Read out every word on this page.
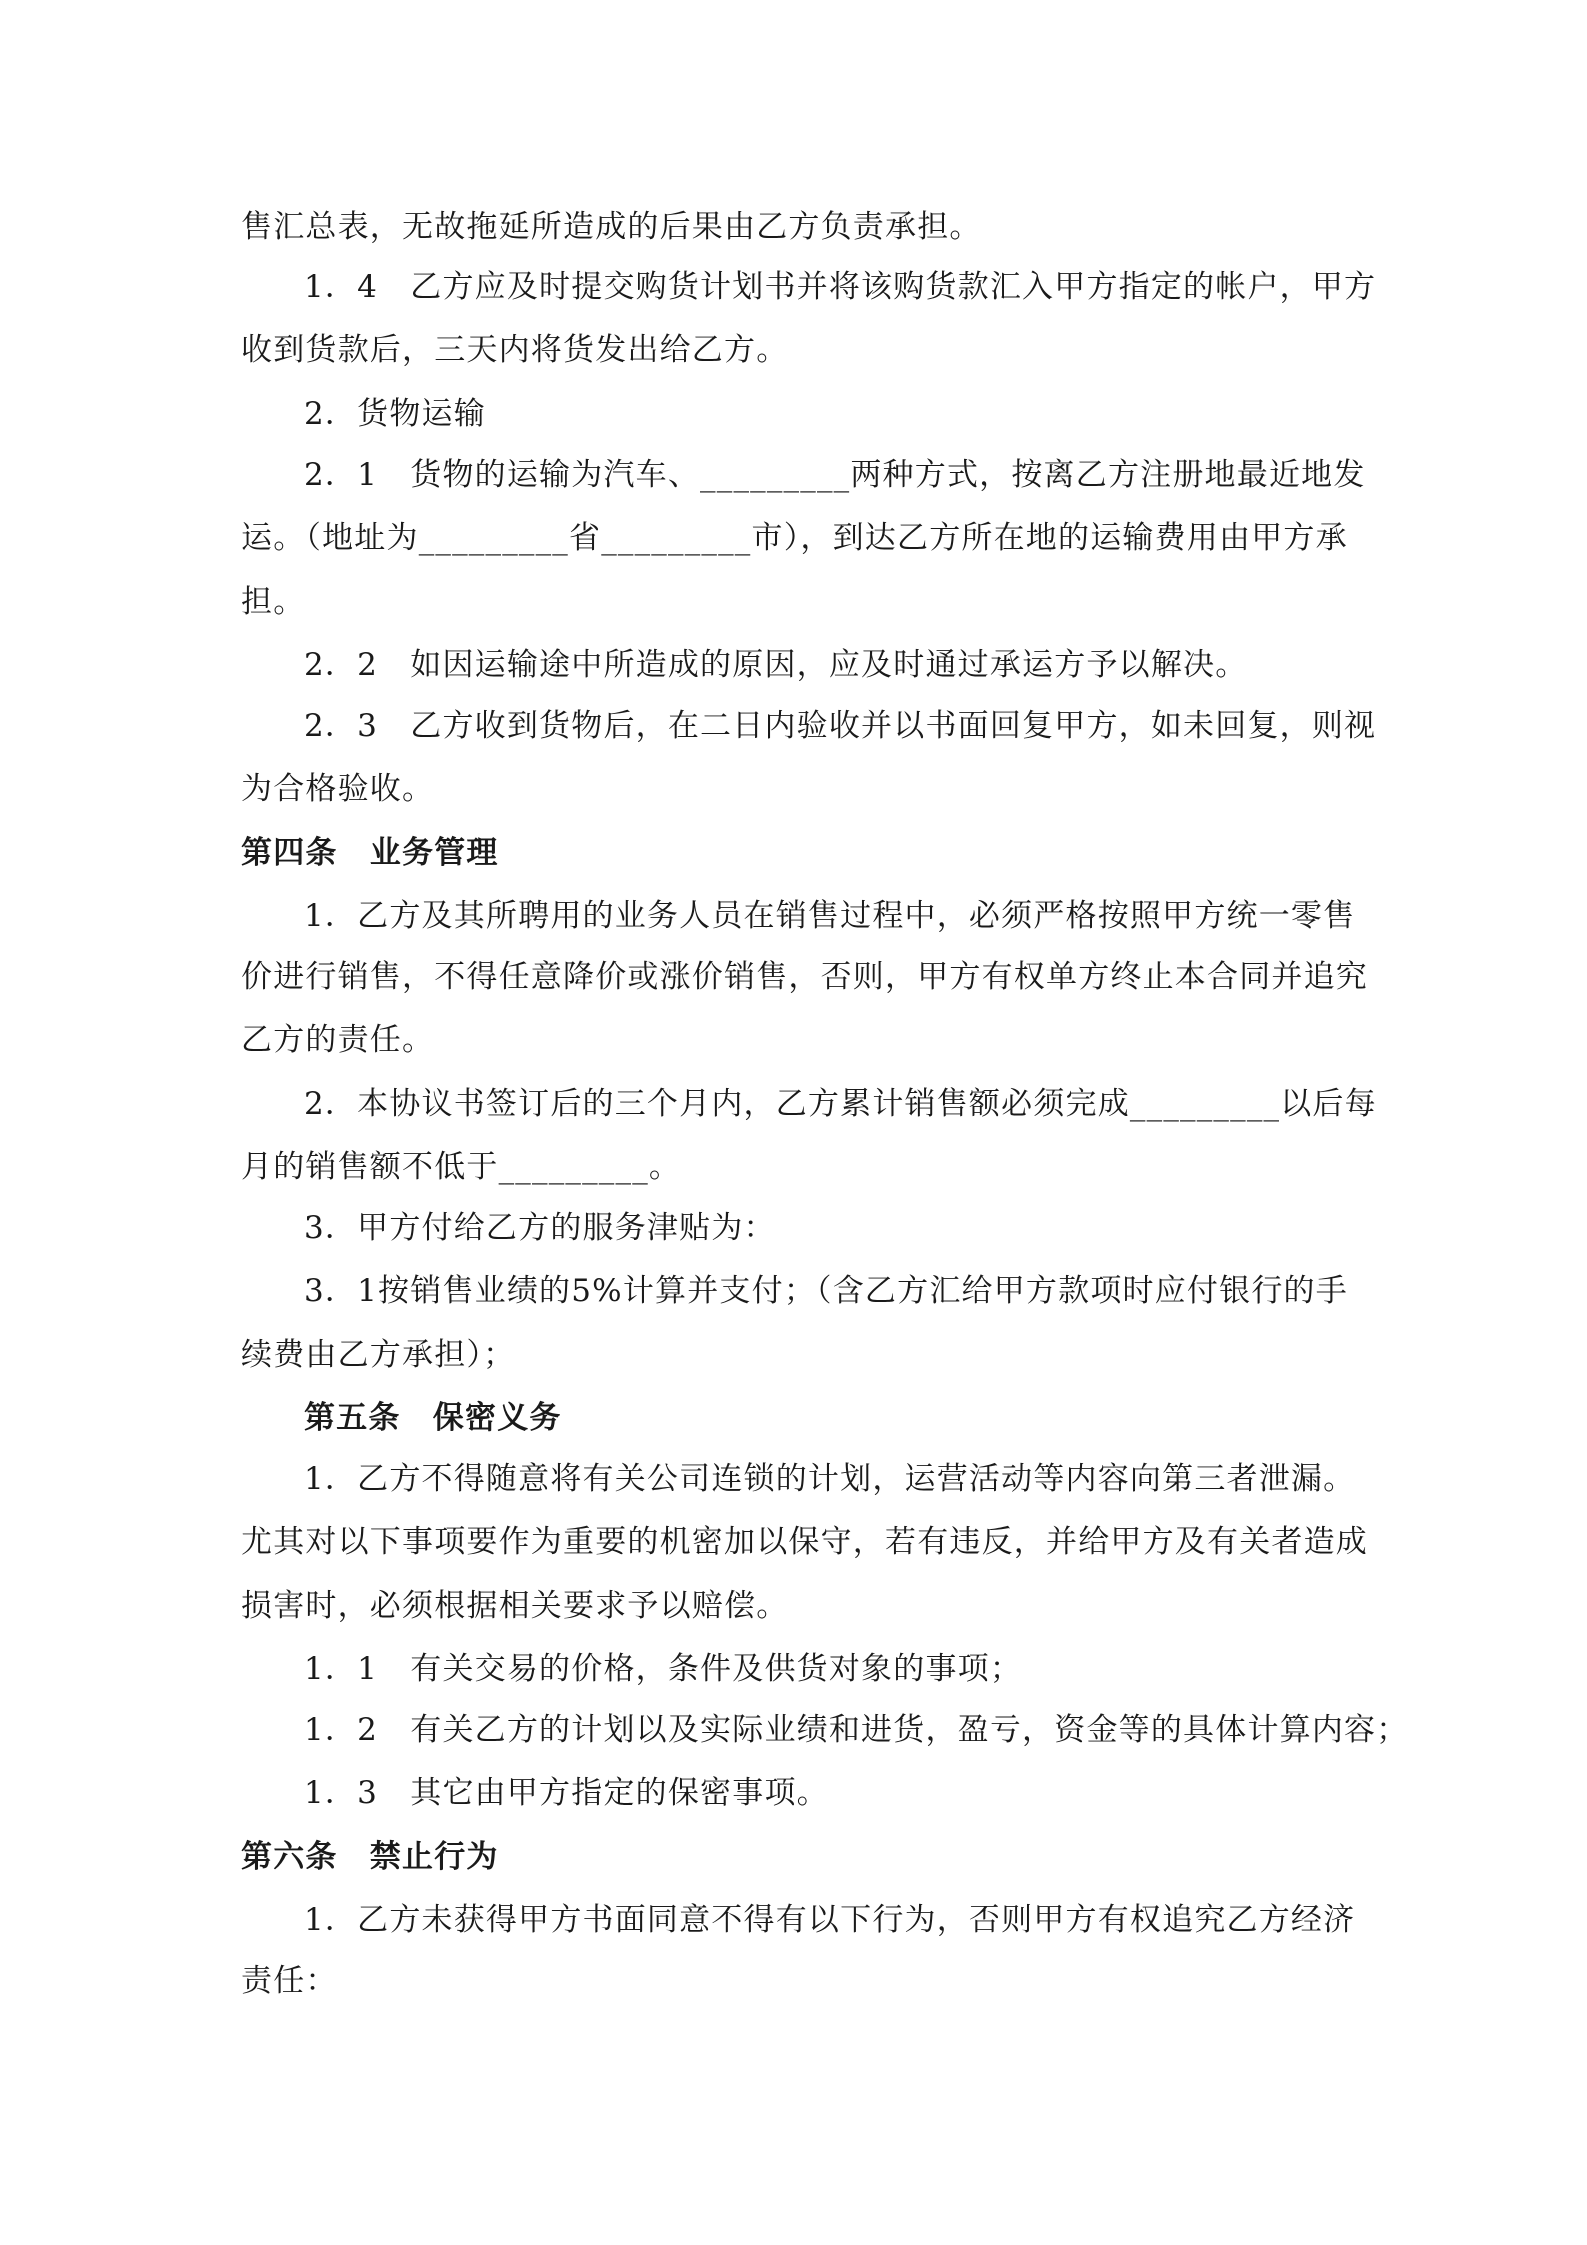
售汇总表，无故拖延所造成的后果由乙方负责承担。
1．4　乙方应及时提交购货计划书并将该购货款汇入甲方指定的帐户，甲方
收到货款后，三天内将货发出给乙方。
2．货物运输
2．1　货物的运输为汽车、_________两种方式，按离乙方注册地最近地发
运。（地址为_________省_________市），到达乙方所在地的运输费用由甲方承
担。
2．2　如因运输途中所造成的原因，应及时通过承运方予以解决。
2．3　乙方收到货物后，在二日内验收并以书面回复甲方，如未回复，则视
为合格验收。
第四条　业务管理
1．乙方及其所聘用的业务人员在销售过程中，必须严格按照甲方统一零售
价进行销售，不得任意降价或涨价销售，否则，甲方有权单方终止本合同并追究
乙方的责任。
2．本协议书签订后的三个月内，乙方累计销售额必须完成_________以后每
月的销售额不低于_________。
3．甲方付给乙方的服务津贴为：
3．1按销售业绩的5%计算并支付；（含乙方汇给甲方款项时应付银行的手
续费由乙方承担）；
第五条　保密义务
1．乙方不得随意将有关公司连锁的计划，运营活动等内容向第三者泄漏。
尤其对以下事项要作为重要的机密加以保守，若有违反，并给甲方及有关者造成
损害时，必须根据相关要求予以赔偿。
1．1　有关交易的价格，条件及供货对象的事项；
1．2　有关乙方的计划以及实际业绩和进货，盈亏，资金等的具体计算内容；
1．3　其它由甲方指定的保密事项。
第六条　禁止行为
1．乙方未获得甲方书面同意不得有以下行为，否则甲方有权追究乙方经济
责任：
